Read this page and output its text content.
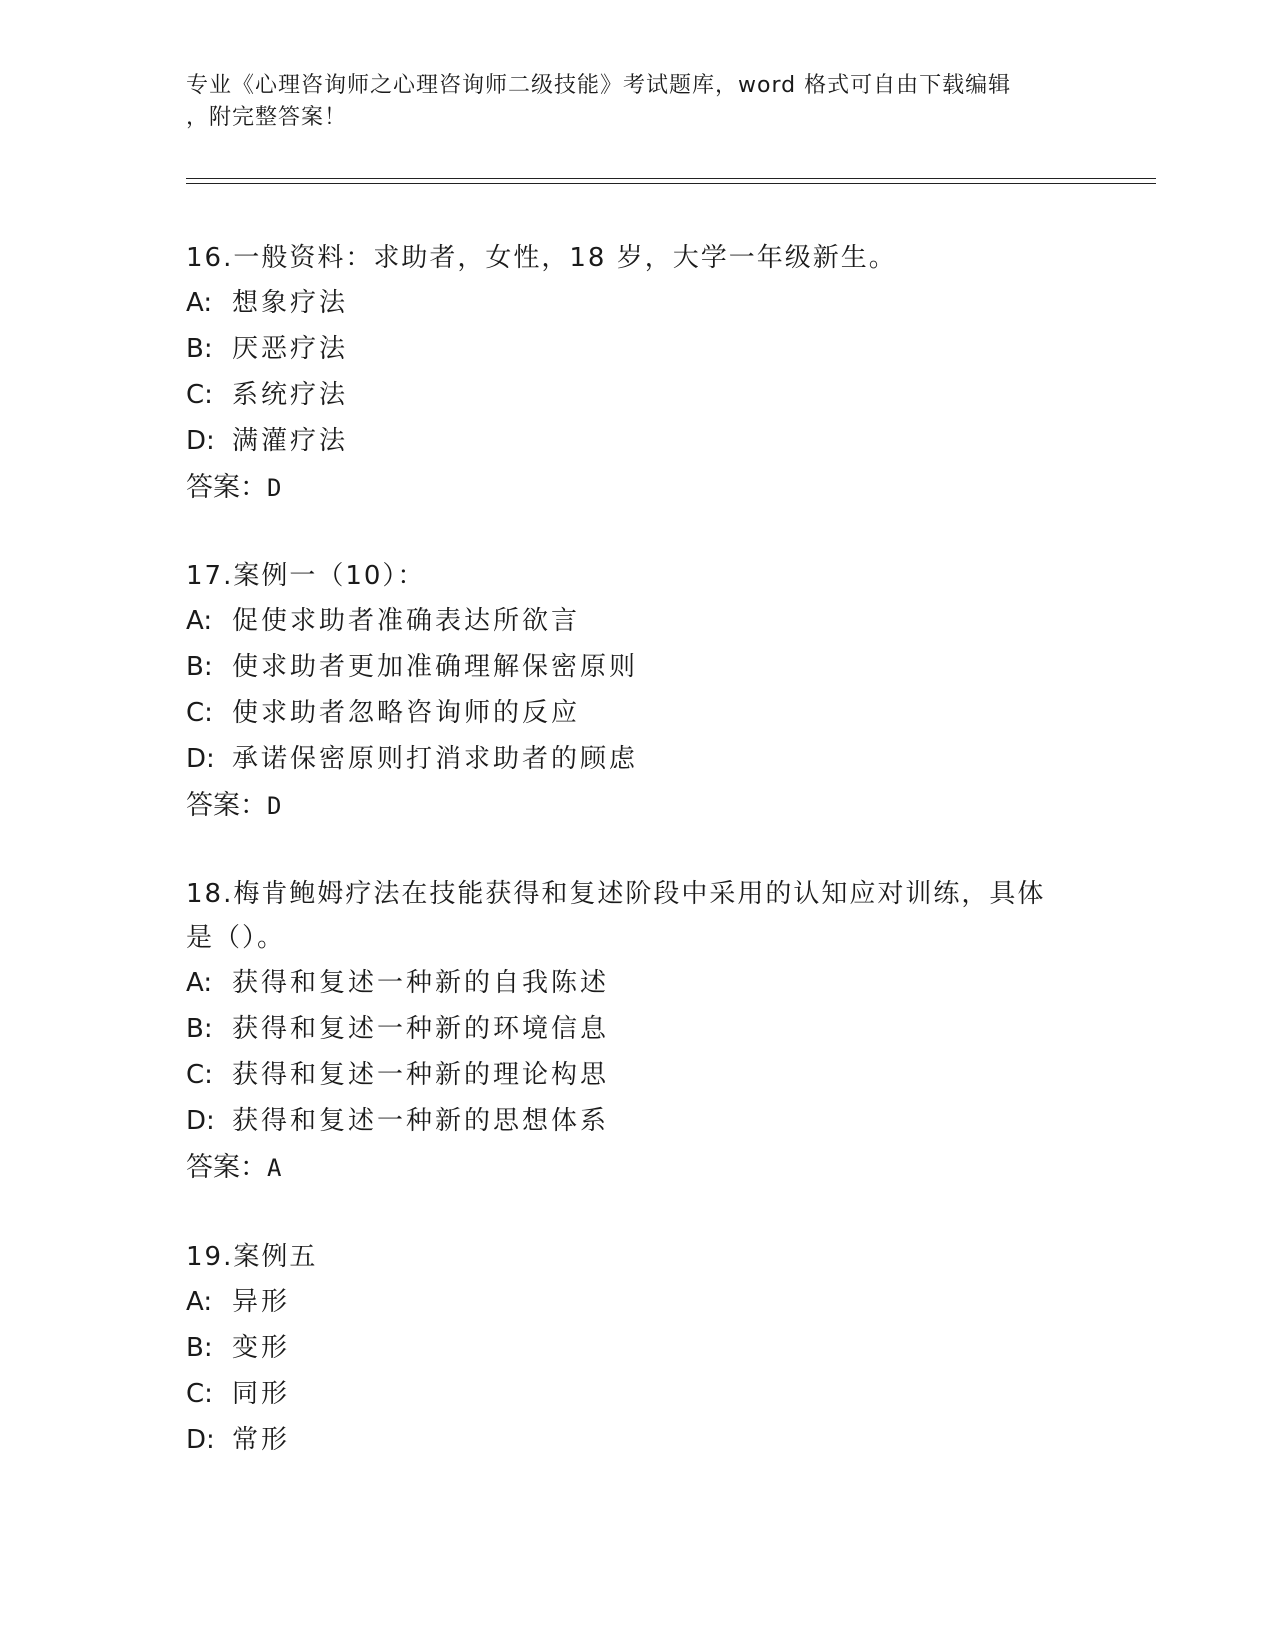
专业《心理咨询师之心理咨询师二级技能》考试题库，word 格式可自由下载编辑
，附完整答案！
16.一般资料：求助者，女性，18 岁，大学一年级新生。
A: 想象疗法
B: 厌恶疗法
C: 系统疗法
D: 满灌疗法
答案：D
17.案例一（10）：
A: 促使求助者准确表达所欲言
B: 使求助者更加准确理解保密原则
C: 使求助者忽略咨询师的反应
D: 承诺保密原则打消求助者的顾虑
答案：D
18.梅肯鲍姆疗法在技能获得和复述阶段中采用的认知应对训练，具体
是（）。
A: 获得和复述一种新的自我陈述
B: 获得和复述一种新的环境信息
C: 获得和复述一种新的理论构思
D: 获得和复述一种新的思想体系
答案：A
19.案例五
A: 异形
B: 变形
C: 同形
D: 常形
